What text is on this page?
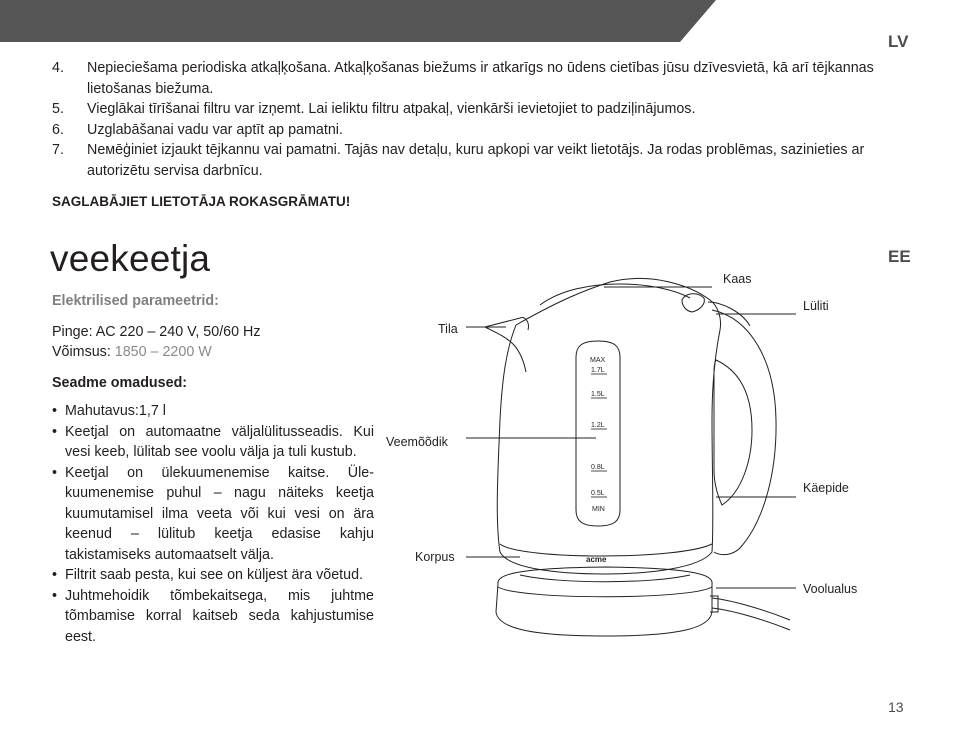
LV
EE
4. Nepieciešama periodiska atkaļķošana. Atkaļķošanas biežums ir atkarīgs no ūdens cietības jūsu dzīvesvietā, kā arī tējkannas lietošanas biežuma.
5. Vieglākai tīrīšanai filtru var izņemt. Lai ieliktu filtru atpakaļ, vienkārši ievietojiet to padziļinājumos.
6. Uzglabāšanai vadu var aptīt ap pamatni.
7. Neмēģiniet izjaukt tējkannu vai pamatni. Tajās nav detaļu, kuru apkopi var veikt lietotājs. Ja rodas problēmas, sazinieties ar autorizētu servisa darbnīcu.
SAGLABĀJIET LIETOTĀJA ROKASGRĀMATU!
veekeetja
Elektrilised parameetrid:
Pinge: AC 220 – 240 V, 50/60 Hz
Võimsus: 1850 – 2200 W
Seadme omadused:
• Mahutavus:1,7 l
• Keetjal on automaatne väljalülitusseadis. Kui vesi keeb, lülitab see voolu välja ja tuli kustub.
• Keetjal on ülekuumenemise kaitse. Üle-kuumenemise puhul – nagu näiteks keetja kuumutamisel ilma veeta või kui vesi on ära keenud – lülitub keetja edasise kahju takistamiseks automaatselt välja.
• Filtrit saab pesta, kui see on küljest ära võetud.
• Juhtmehoidik tõmbekaitsega, mis juhtme tõmbamise korral kaitseb seda kahjustumise eest.
MAX
1.7L
1.5L
1.2L
0.8L
0.5L
MIN
acme
Kaas
Lüliti
Tila
Veemõõdik
Käepide
Korpus
Voolualus
13
